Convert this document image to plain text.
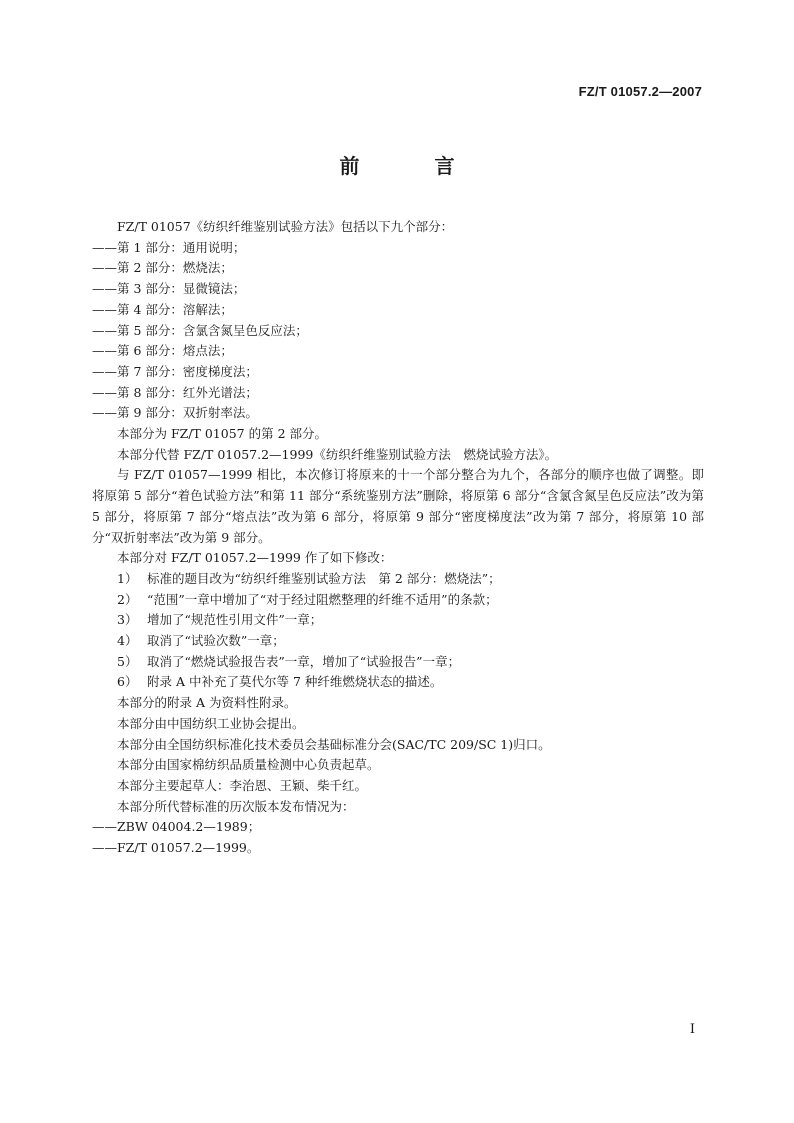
FZ/T 01057.2—2007
前 言
FZ/T 01057《纺织纤维鉴别试验方法》包括以下九个部分：
——第 1 部分：通用说明；
——第 2 部分：燃烧法；
——第 3 部分：显微镜法；
——第 4 部分：溶解法；
——第 5 部分：含氯含氮呈色反应法；
——第 6 部分：熔点法；
——第 7 部分：密度梯度法；
——第 8 部分：红外光谱法；
——第 9 部分：双折射率法。
本部分为 FZ/T 01057 的第 2 部分。
本部分代替 FZ/T 01057.2—1999《纺织纤维鉴别试验方法　燃烧试验方法》。
与 FZ/T 01057—1999 相比，本次修订将原来的十一个部分整合为九个，各部分的顺序也做了调整。即将原第 5 部分“着色试验方法”和第 11 部分“系统鉴别方法”删除，将原第 6 部分“含氯含氮呈色反应法”改为第 5 部分，将原第 7 部分“熔点法”改为第 6 部分，将原第 9 部分“密度梯度法”改为第 7 部分，将原第 10 部分“双折射率法”改为第 9 部分。
本部分对 FZ/T 01057.2—1999 作了如下修改：
1） 标准的题目改为“纺织纤维鉴别试验方法　第 2 部分：燃烧法”；
2） “范围”一章中增加了“对于经过阻燃整理的纤维不适用”的条款；
3） 增加了“规范性引用文件”一章；
4） 取消了“试验次数”一章；
5） 取消了“燃烧试验报告表”一章，增加了“试验报告”一章；
6） 附录 A 中补充了莫代尔等 7 种纤维燃烧状态的描述。
本部分的附录 A 为资料性附录。
本部分由中国纺织工业协会提出。
本部分由全国纺织标准化技术委员会基础标准分会(SAC/TC 209/SC 1)归口。
本部分由国家棉纺织品质量检测中心负责起草。
本部分主要起草人：李治恩、王颖、柴千红。
本部分所代替标准的历次版本发布情况为：
——ZBW 04004.2—1989；
——FZ/T 01057.2—1999。
I
